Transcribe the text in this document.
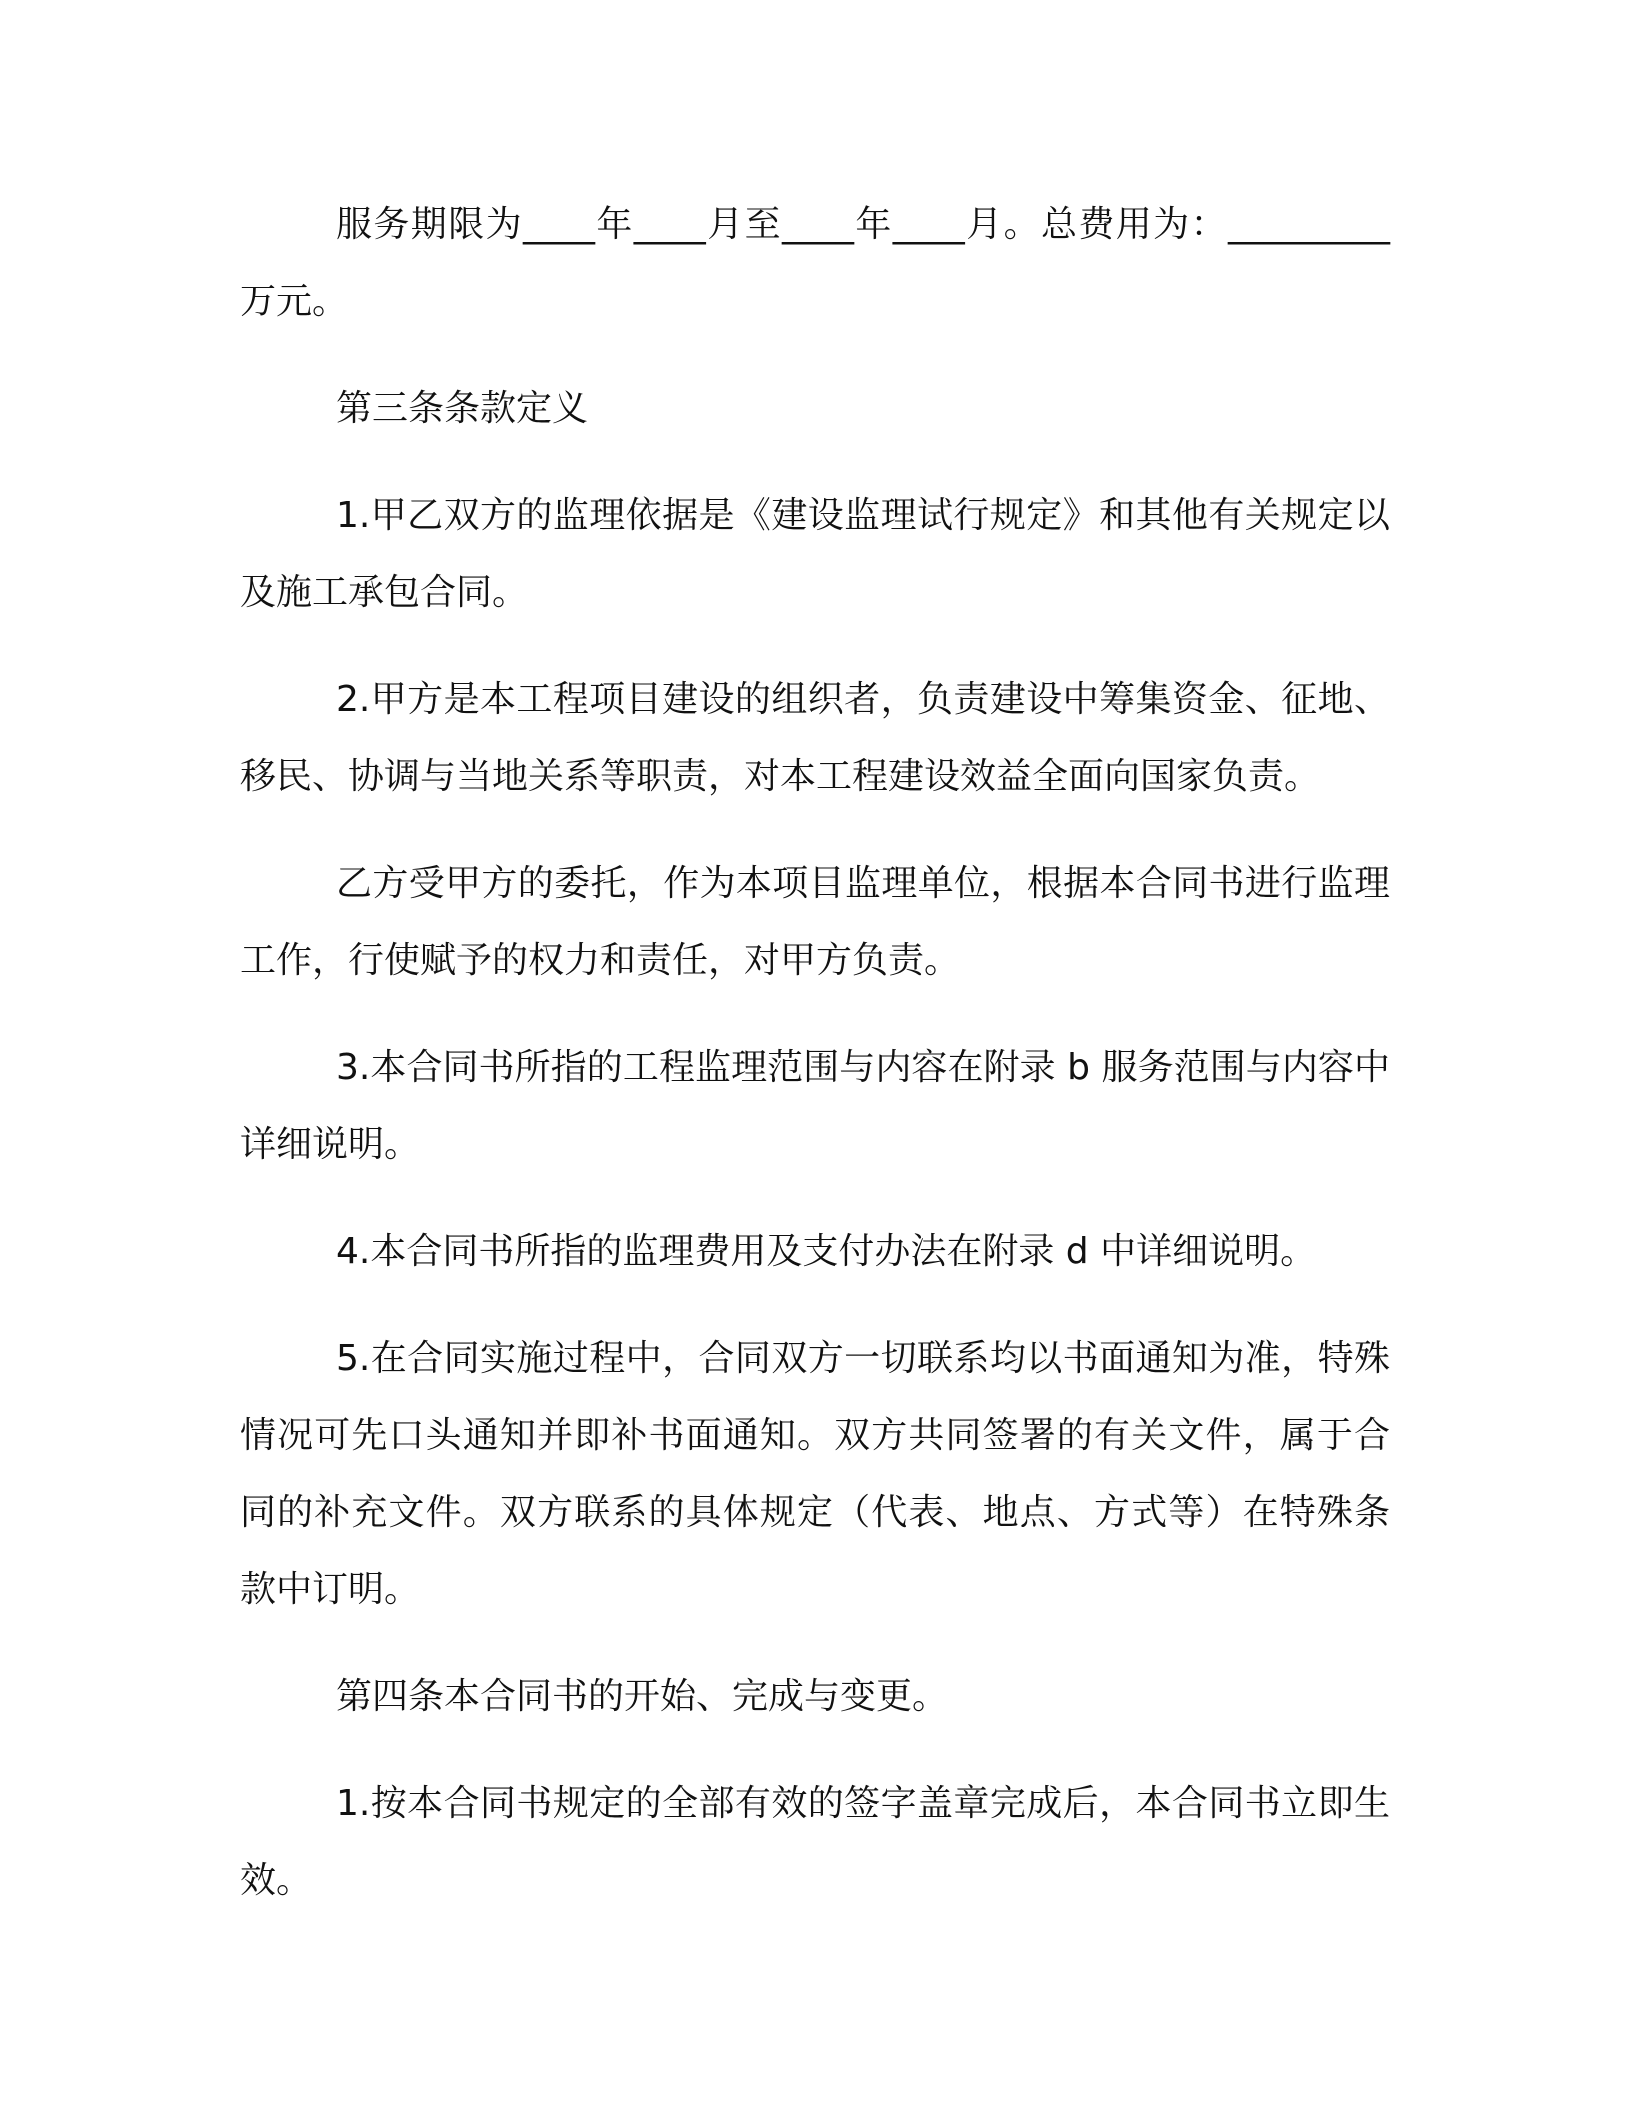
服务期限为____年____月至____年____月。总费用为：_________万元。

第三条条款定义

1.甲乙双方的监理依据是《建设监理试行规定》和其他有关规定以及施工承包合同。

2.甲方是本工程项目建设的组织者，负责建设中筹集资金、征地、移民、协调与当地关系等职责，对本工程建设效益全面向国家负责。

乙方受甲方的委托，作为本项目监理单位，根据本合同书进行监理工作，行使赋予的权力和责任，对甲方负责。

3.本合同书所指的工程监理范围与内容在附录 b 服务范围与内容中详细说明。

4.本合同书所指的监理费用及支付办法在附录 d 中详细说明。

5.在合同实施过程中，合同双方一切联系均以书面通知为准，特殊情况可先口头通知并即补书面通知。双方共同签署的有关文件，属于合同的补充文件。双方联系的具体规定（代表、地点、方式等）在特殊条款中订明。

第四条本合同书的开始、完成与变更。

1.按本合同书规定的全部有效的签字盖章完成后，本合同书立即生效。
